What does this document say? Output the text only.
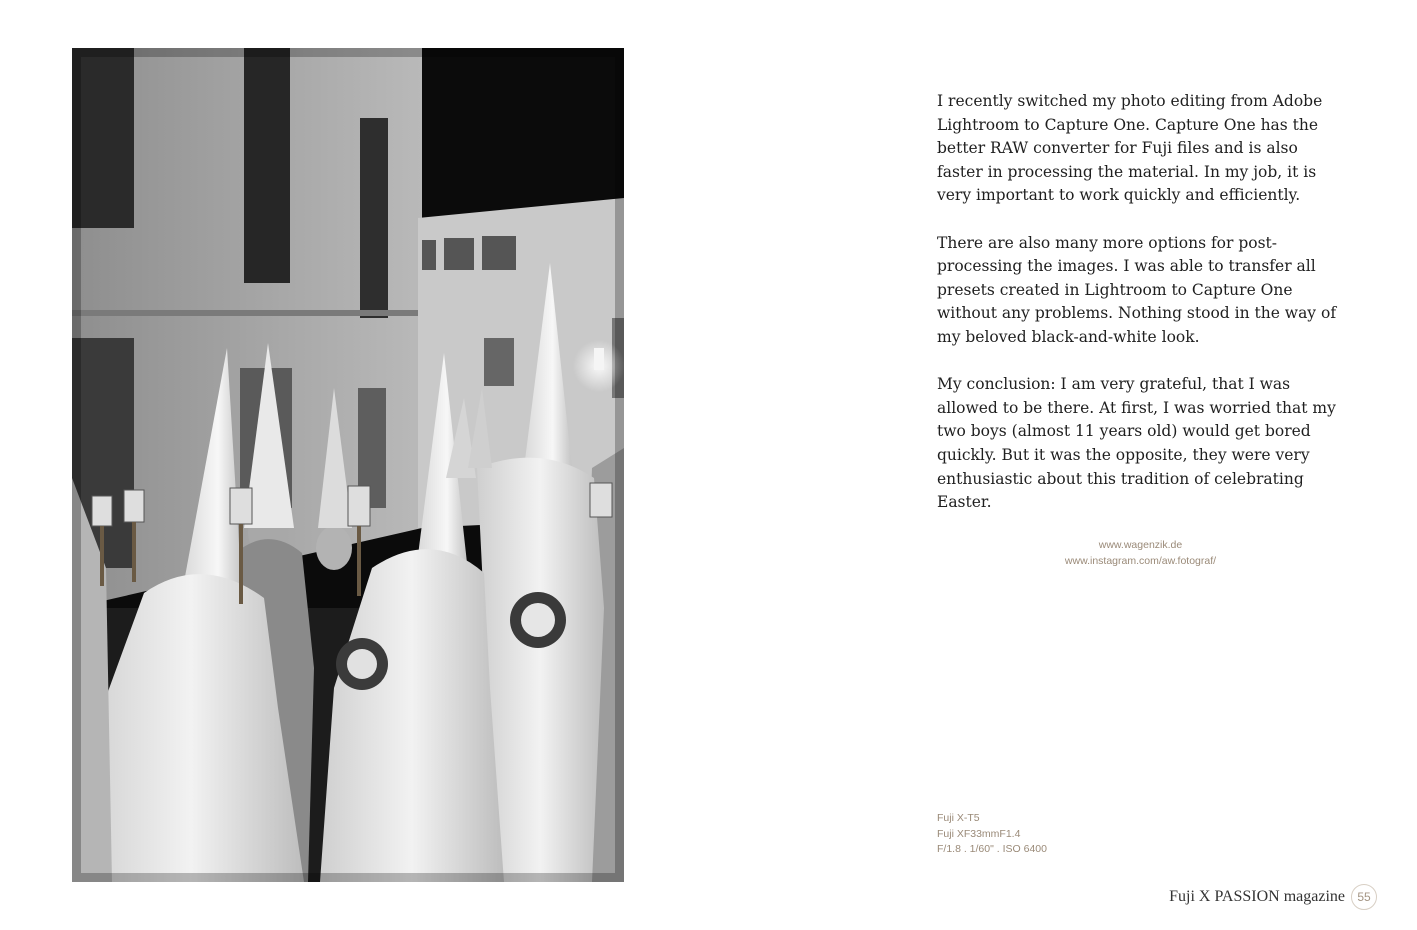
I recently switched my photo editing from Adobe Lightroom to Capture One. Capture One has the better RAW converter for Fuji files and is also faster in processing the material. In my job, it is very important to work quickly and efficiently.

There are also many more options for post-processing the images. I was able to transfer all presets created in Lightroom to Capture One without any problems. Nothing stood in the way of my beloved black-and-white look.

My conclusion: I am very grateful, that I was allowed to be there. At first, I was worried that my two boys (almost 11 years old) would get bored quickly. But it was the opposite, they were very enthusiastic about this tradition of celebrating Easter.

www.wagenzik.de
www.instagram.com/aw.fotograf/
Fuji X-T5
Fuji XF33mmF1.4
F/1.8 . 1/60" . ISO 6400
Fuji X PASSION magazine	55
